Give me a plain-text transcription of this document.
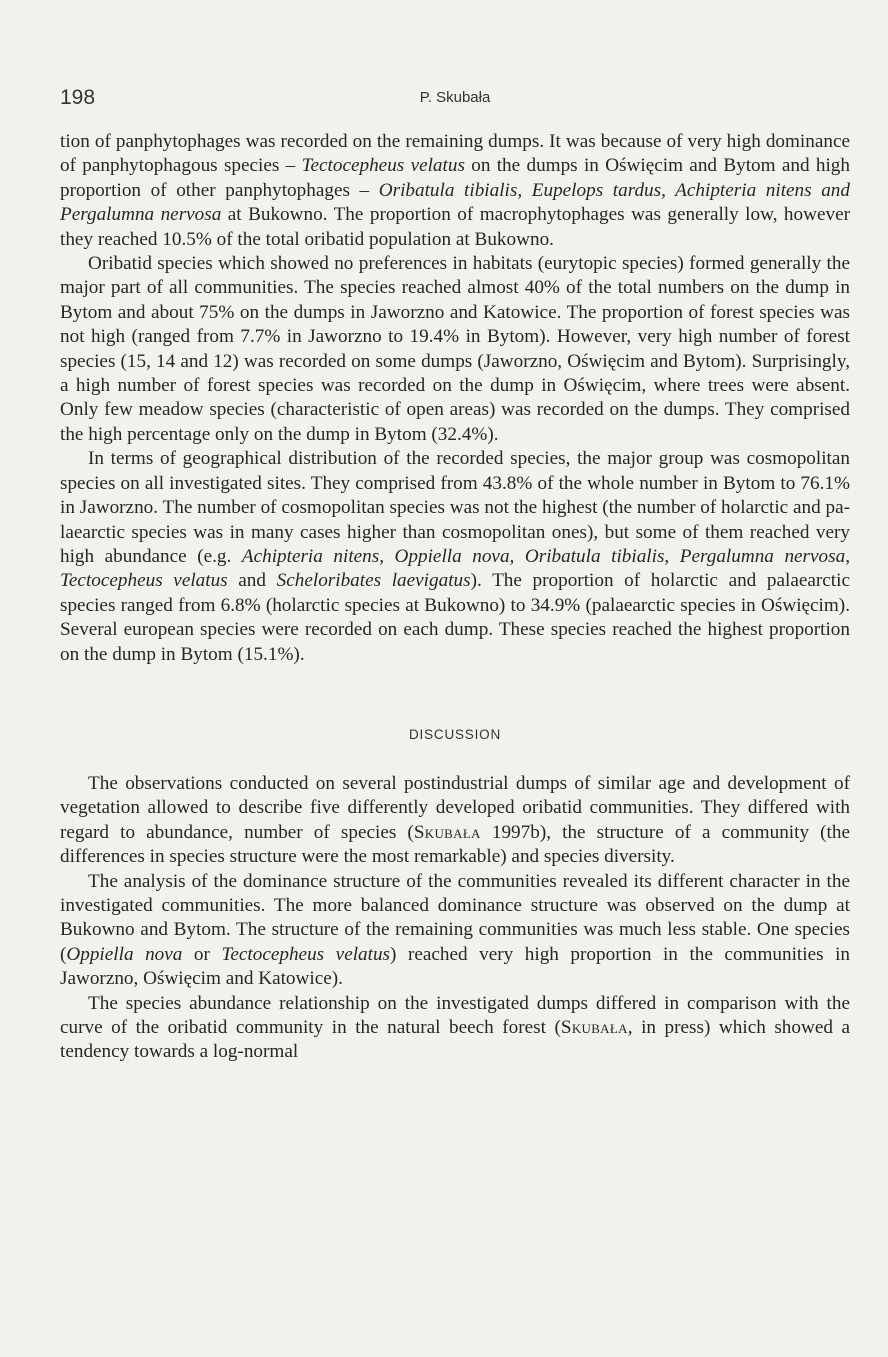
198	P. Skubała

tion of panphytophages was recorded on the remaining dumps. It was because of very high dominance of panphytophagous species – Tectocepheus velatus on the dumps in Oświęcim and Bytom and high proportion of other panphytophages – Oribatula tibialis, Eupelops tardus, Achipteria nitens and Pergalumna nervosa at Bukowno. The proportion of macrophytophages was generally low, however they reached 10.5% of the total oribatid population at Bukowno.

Oribatid species which showed no preferences in habitats (eurytopic species) formed generally the major part of all communities. The species reached almost 40% of the total numbers on the dump in Bytom and about 75% on the dumps in Jaworzno and Katowice. The proportion of forest species was not high (ranged from 7.7% in Jaworzno to 19.4% in Bytom). However, very high number of forest species (15, 14 and 12) was recorded on some dumps (Jaworzno, Oświęcim and Bytom). Surprisingly, a high number of forest species was recorded on the dump in Oświęcim, where trees were absent. Only few meadow species (characteristic of open areas) was recorded on the dumps. They comprised the high percentage only on the dump in Bytom (32.4%).

In terms of geographical distribution of the recorded species, the major group was cosmopolitan species on all investigated sites. They comprised from 43.8% of the whole number in Bytom to 76.1% in Jaworzno. The number of cosmopolitan species was not the highest (the number of holarctic and palaearctic species was in many cases higher than cosmopolitan ones), but some of them reached very high abundance (e.g. Achipteria nitens, Oppiella nova, Oribatula tibialis, Pergalumna nervosa, Tectocepheus velatus and Scheloribates laevigatus). The proportion of holarctic and palaearctic species ranged from 6.8% (holarctic species at Bukowno) to 34.9% (palaearctic species in Oświęcim). Several european species were recorded on each dump. These species reached the highest proportion on the dump in Bytom (15.1%).

DISCUSSION

The observations conducted on several postindustrial dumps of similar age and development of vegetation allowed to describe five differently developed oribatid communities. They differed with regard to abundance, number of species (Skubała 1997b), the structure of a community (the differences in species structure were the most remarkable) and species diversity.

The analysis of the dominance structure of the communities revealed its different character in the investigated communities. The more balanced dominance structure was observed on the dump at Bukowno and Bytom. The structure of the remaining communities was much less stable. One species (Oppiella nova or Tectocepheus velatus) reached very high proportion in the communities in Jaworzno, Oświęcim and Katowice).

The species abundance relationship on the investigated dumps differed in comparison with the curve of the oribatid community in the natural beech forest (Skubała, in press) which showed a tendency towards a log-normal
